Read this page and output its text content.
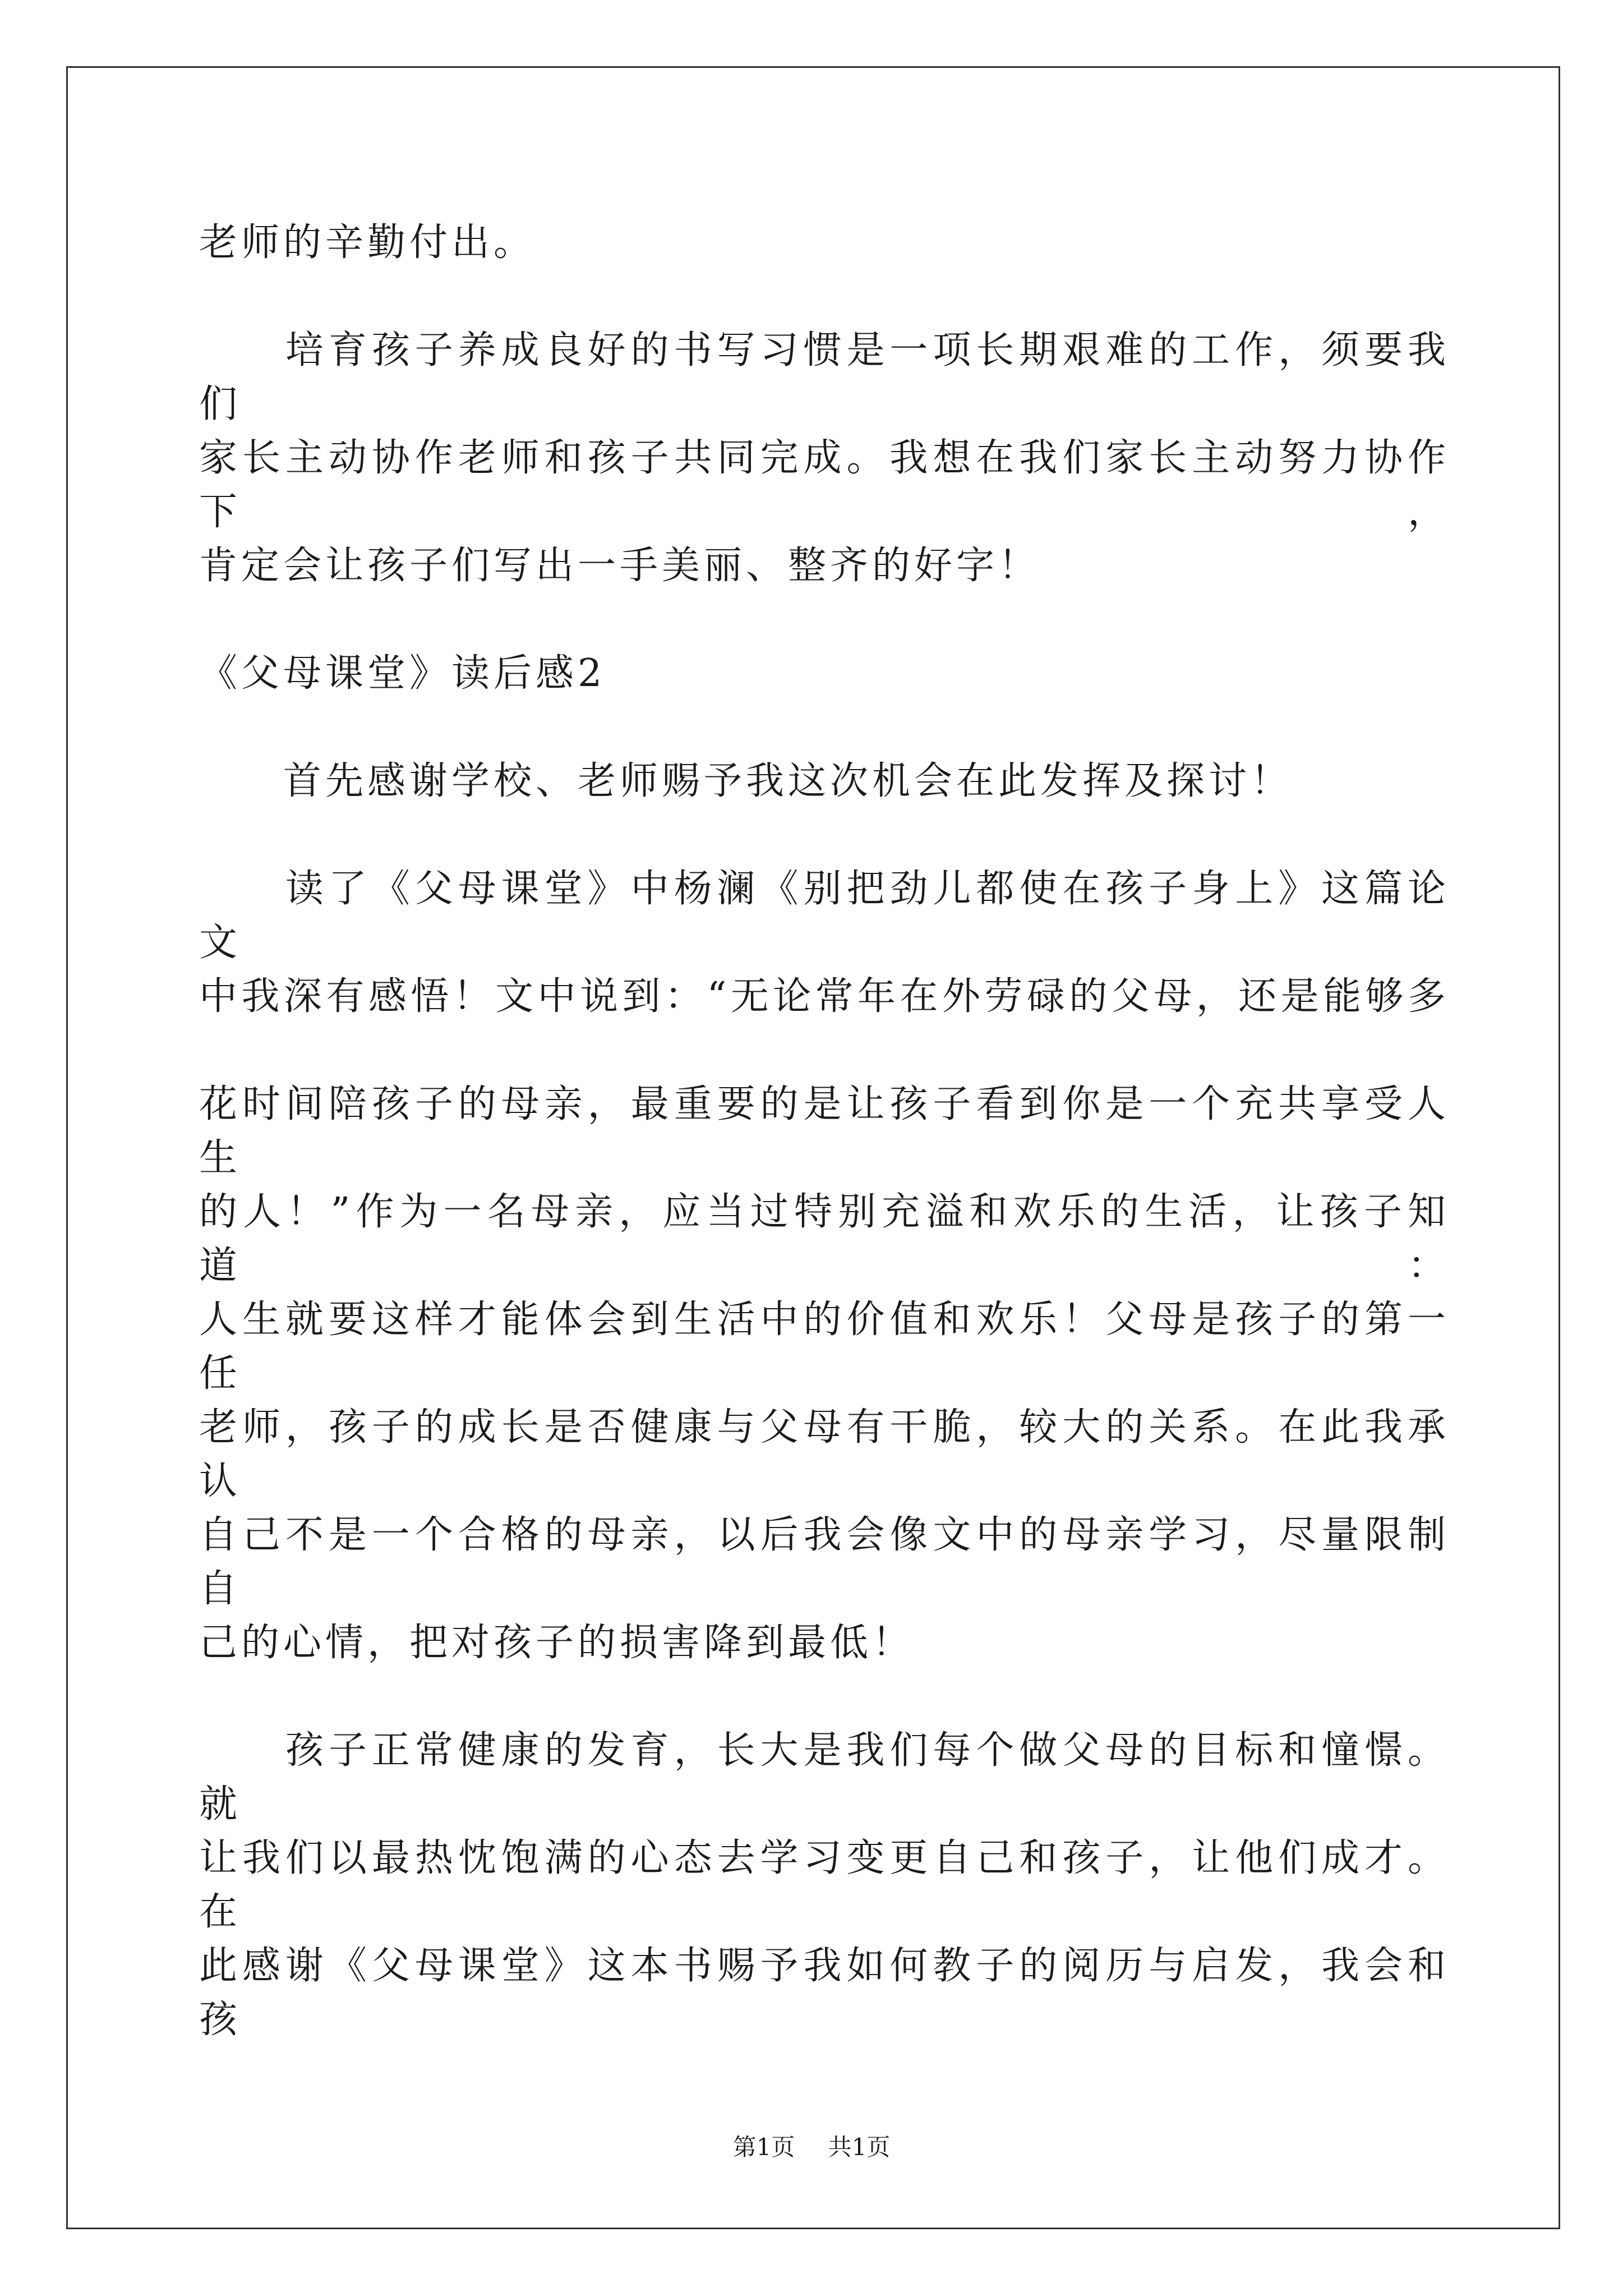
老师的辛勤付出。
　　培育孩子养成良好的书写习惯是一项长期艰难的工作，须要我们
家长主动协作老师和孩子共同完成。我想在我们家长主动努力协作下，
肯定会让孩子们写出一手美丽、整齐的好字！
《父母课堂》读后感2
　　首先感谢学校、老师赐予我这次机会在此发挥及探讨！
　　读了《父母课堂》中杨澜《别把劲儿都使在孩子身上》这篇论文
中我深有感悟！文中说到：“无论常年在外劳碌的父母，还是能够多
花时间陪孩子的母亲，最重要的是让孩子看到你是一个充共享受人生
的人！”作为一名母亲，应当过特别充溢和欢乐的生活，让孩子知道：
人生就要这样才能体会到生活中的价值和欢乐！父母是孩子的第一任
老师，孩子的成长是否健康与父母有干脆，较大的关系。在此我承认
自己不是一个合格的母亲，以后我会像文中的母亲学习，尽量限制自
己的心情，把对孩子的损害降到最低！
　　孩子正常健康的发育，长大是我们每个做父母的目标和憧憬。就
让我们以最热忱饱满的心态去学习变更自己和孩子，让他们成才。在
此感谢《父母课堂》这本书赐予我如何教子的阅历与启发，我会和孩
第1页 共1页
